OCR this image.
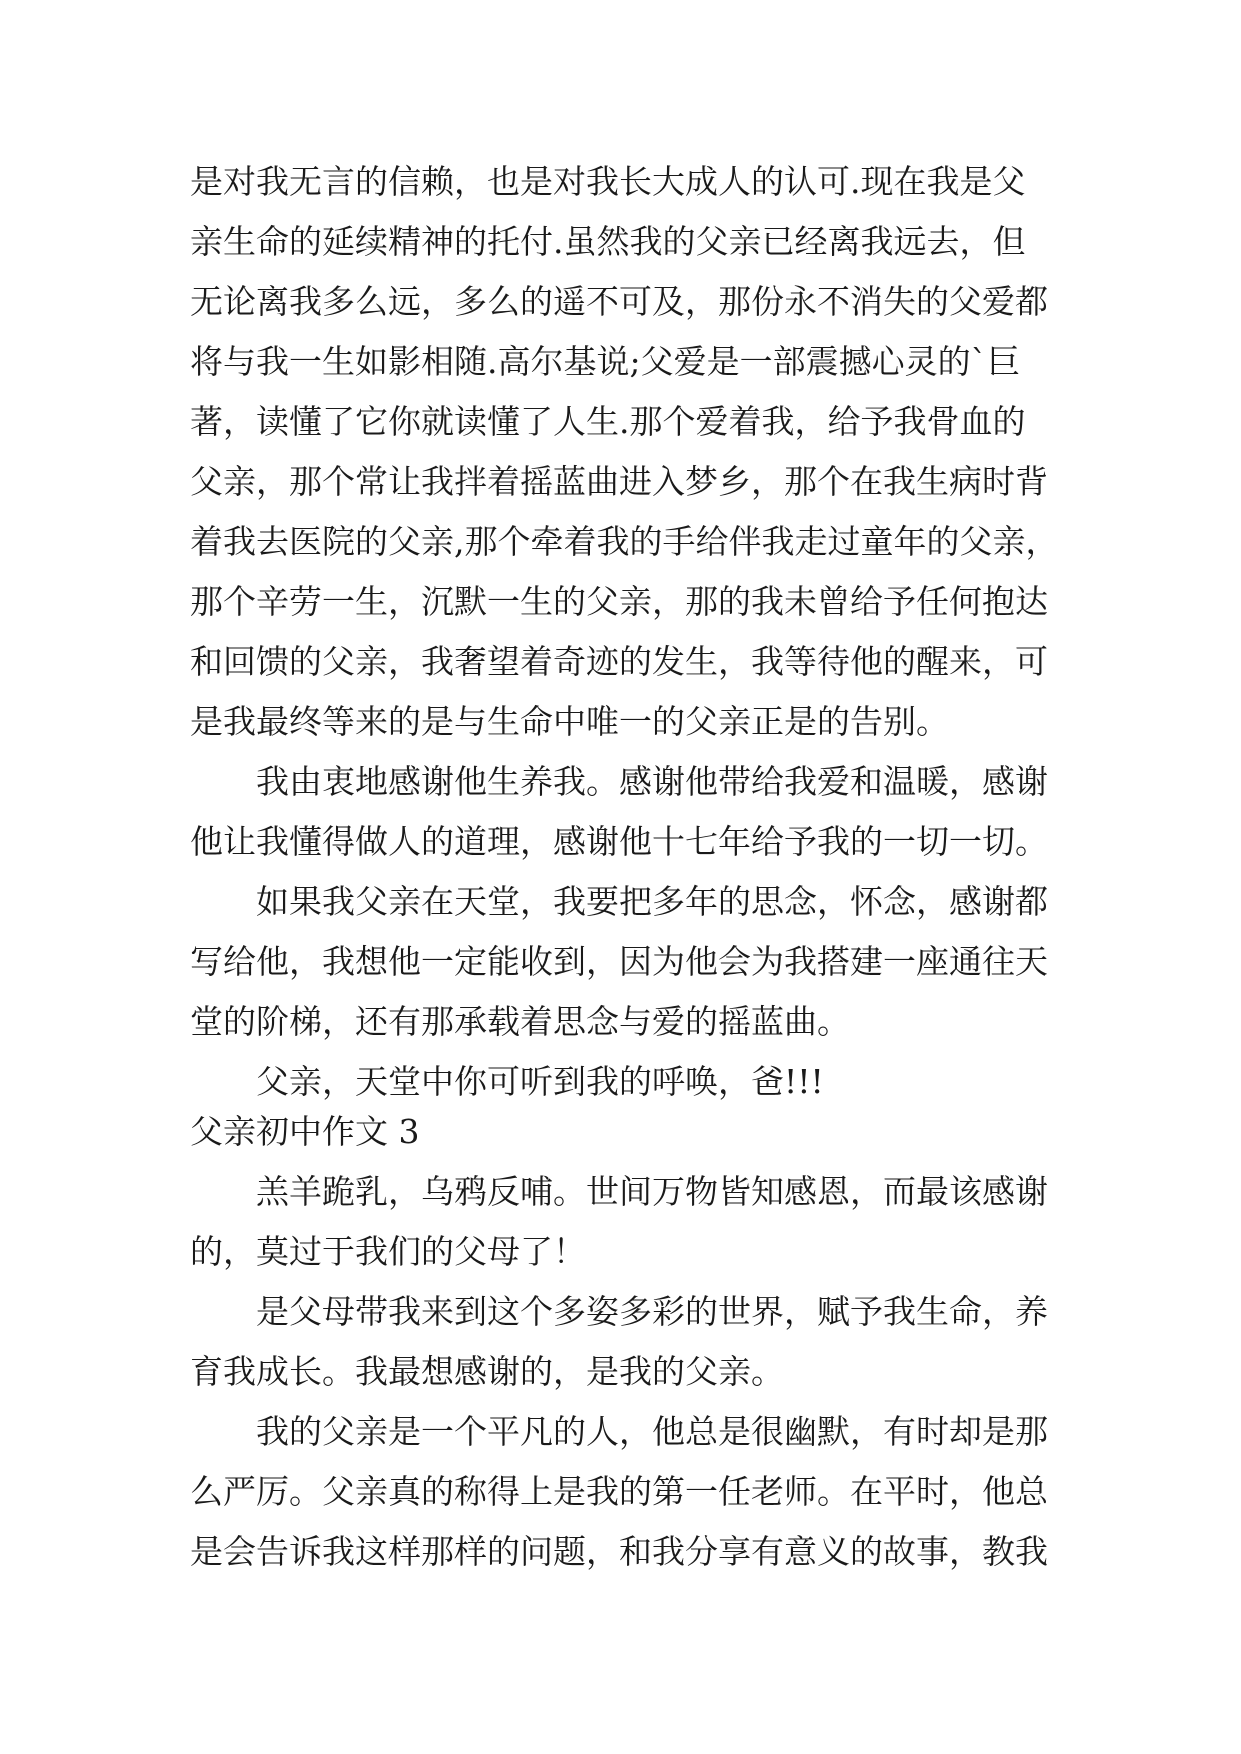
是对我无言的信赖，也是对我长大成人的认可.现在我是父
亲生命的延续精神的托付.虽然我的父亲已经离我远去，但
无论离我多么远，多么的遥不可及，那份永不消失的父爱都
将与我一生如影相随.高尔基说;父爱是一部震撼心灵的`巨
著，读懂了它你就读懂了人生.那个爱着我，给予我骨血的
父亲，那个常让我拌着摇蓝曲进入梦乡，那个在我生病时背
着我去医院的父亲,那个牵着我的手给伴我走过童年的父亲，
那个辛劳一生，沉默一生的父亲，那的我未曾给予任何抱达
和回馈的父亲，我奢望着奇迹的发生，我等待他的醒来，可
是我最终等来的是与生命中唯一的父亲正是的告别。
我由衷地感谢他生养我。感谢他带给我爱和温暖，感谢
他让我懂得做人的道理，感谢他十七年给予我的一切一切。
如果我父亲在天堂，我要把多年的思念，怀念，感谢都
写给他，我想他一定能收到，因为他会为我搭建一座通往天
堂的阶梯，还有那承载着思念与爱的摇蓝曲。
父亲，天堂中你可听到我的呼唤，爸!!!
父亲初中作文 3
羔羊跪乳，乌鸦反哺。世间万物皆知感恩，而最该感谢
的，莫过于我们的父母了！
是父母带我来到这个多姿多彩的世界，赋予我生命，养
育我成长。我最想感谢的，是我的父亲。
我的父亲是一个平凡的人，他总是很幽默，有时却是那
么严厉。父亲真的称得上是我的第一任老师。在平时，他总
是会告诉我这样那样的问题，和我分享有意义的故事，教我
